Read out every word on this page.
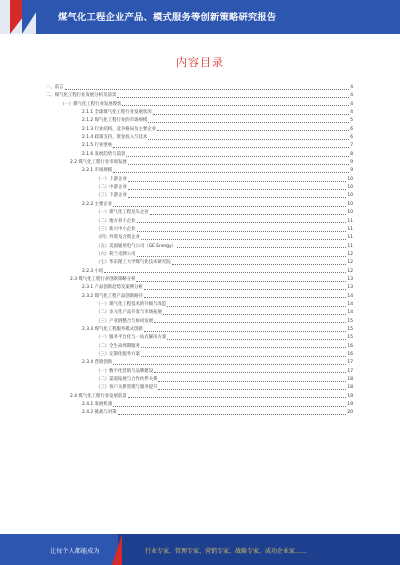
煤气化工程企业产品、模式服务等创新策略研究报告
内容目录
一、前言	4
二、煤气化工程行业发展分析及前景	4
（一）煤气化工程行业发展现状	4
2.1.1 全球煤气化工程行业发展状况	4
2.1.2 煤气化工程行业的市场规模	5
2.1.3 行业结构、竞争格局及主要企业	6
2.1.4 政策支持、资金投入与技术	6
2.1.5 行业壁垒	7
2.1.6 发展趋势与前景	8
2.2 煤气化工程行业市场发展	9
2.2.1 市场规模	9
（一）上游企业	10
（二）中游企业	10
（三）下游企业	10
2.2.2 主要企业	10
（一）煤气化工程龙头企业	10
（二）地方骨干企业	11
（三）新兴中小企业	11
（四）外资及合资企业	11
（五）美国通用电气公司（GE Energy）	11
（六）荷兰壳牌公司	12
（七）华东理工大学煤气化技术研究院	12
2.2.3 小结	12
2.3 煤气化工程行业创新策略分析	13
2.3.1 产品创新趋势及案例分析	13
2.3.2 煤气化工程产品创新路径	14
（一）煤气化工程技术的升级与改造	14
（二）多元化产品开发与市场拓展	14
（三）产业链整合与协同发展	15
2.3.3 煤气化工程服务模式创新	15
（一）服务平台化与一站式解决方案	15
（二）全生命周期服务	16
（三）定制化服务方案	16
2.3.4 营销创新	17
（一）数字化营销与品牌建设	17
（二）渠道拓展与合作伙伴关系	18
（三）客户关系管理与服务提升	18
2.4 煤气化工程行业发展前景	19
2.4.1 发展机遇	19
2.4.2 挑战与对策	20
让每个人都能成为	行业专家、管理专家、营销专家、战略专家、成功企业家……
